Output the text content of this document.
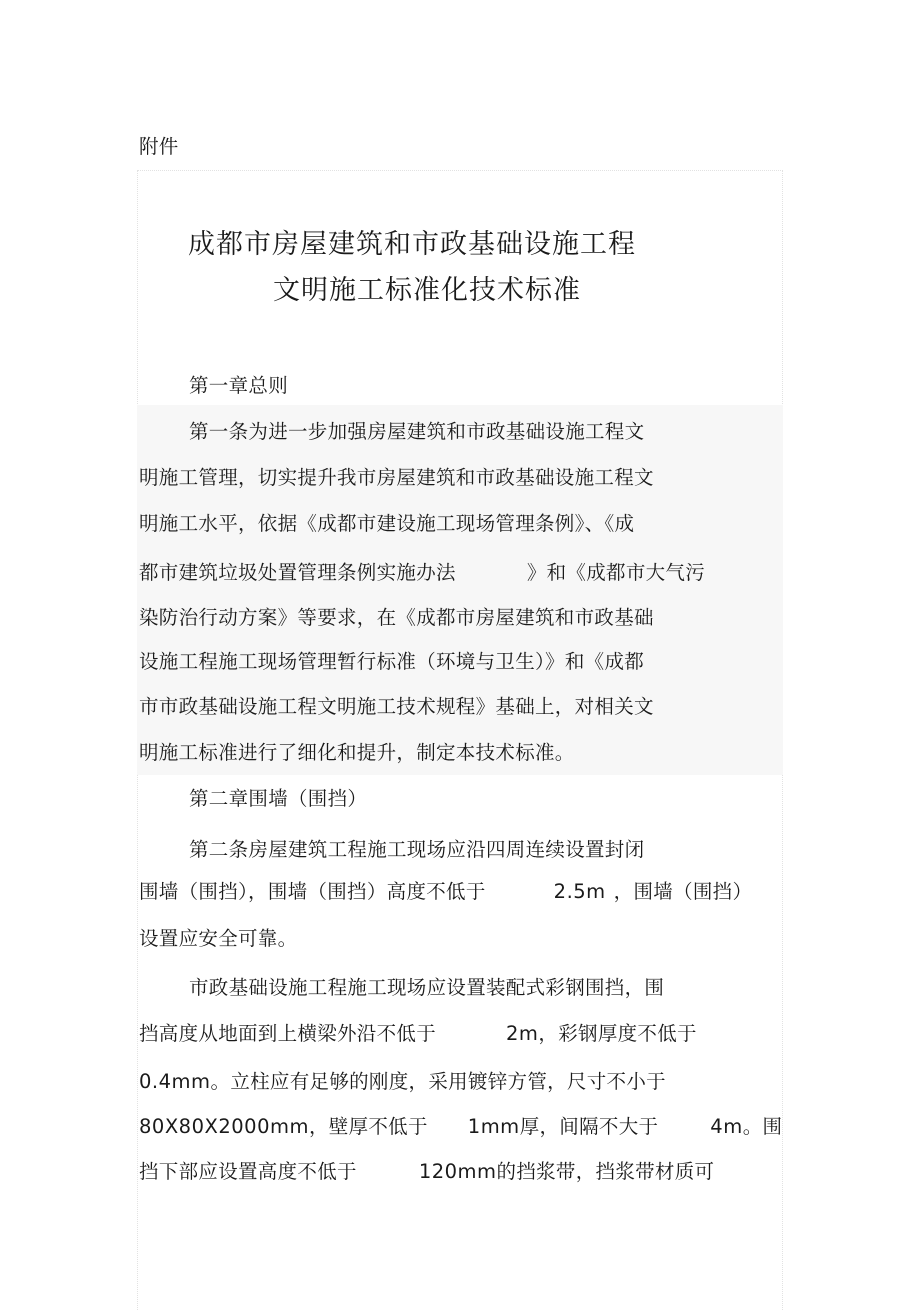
附件
成都市房屋建筑和市政基础设施工程
文明施工标准化技术标准
第一章总则
第一条为进一步加强房屋建筑和市政基础设施工程文
明施工管理，切实提升我市房屋建筑和市政基础设施工程文
明施工水平，依据《成都市建设施工现场管理条例》、《成
都市建筑垃圾处置管理条例实施办法	》和《成都市大气污
染防治行动方案》等要求，在《成都市房屋建筑和市政基础
设施工程施工现场管理暂行标准（环境与卫生）》和《成都
市市政基础设施工程文明施工技术规程》基础上，对相关文
明施工标准进行了细化和提升，制定本技术标准。
第二章围墙（围挡）
第二条房屋建筑工程施工现场应沿四周连续设置封闭
围墙（围挡），围墙（围挡）高度不低于	2.5m ，围墙（围挡）
设置应安全可靠。
市政基础设施工程施工现场应设置装配式彩钢围挡，围
挡高度从地面到上横梁外沿不低于	2m，彩钢厚度不低于
0.4mm。立柱应有足够的刚度，采用镀锌方管，尺寸不小于
80X80X2000mm，壁厚不低于 1mm厚，间隔不大于	4m。围
挡下部应设置高度不低于	120mm的挡浆带，挡浆带材质可
